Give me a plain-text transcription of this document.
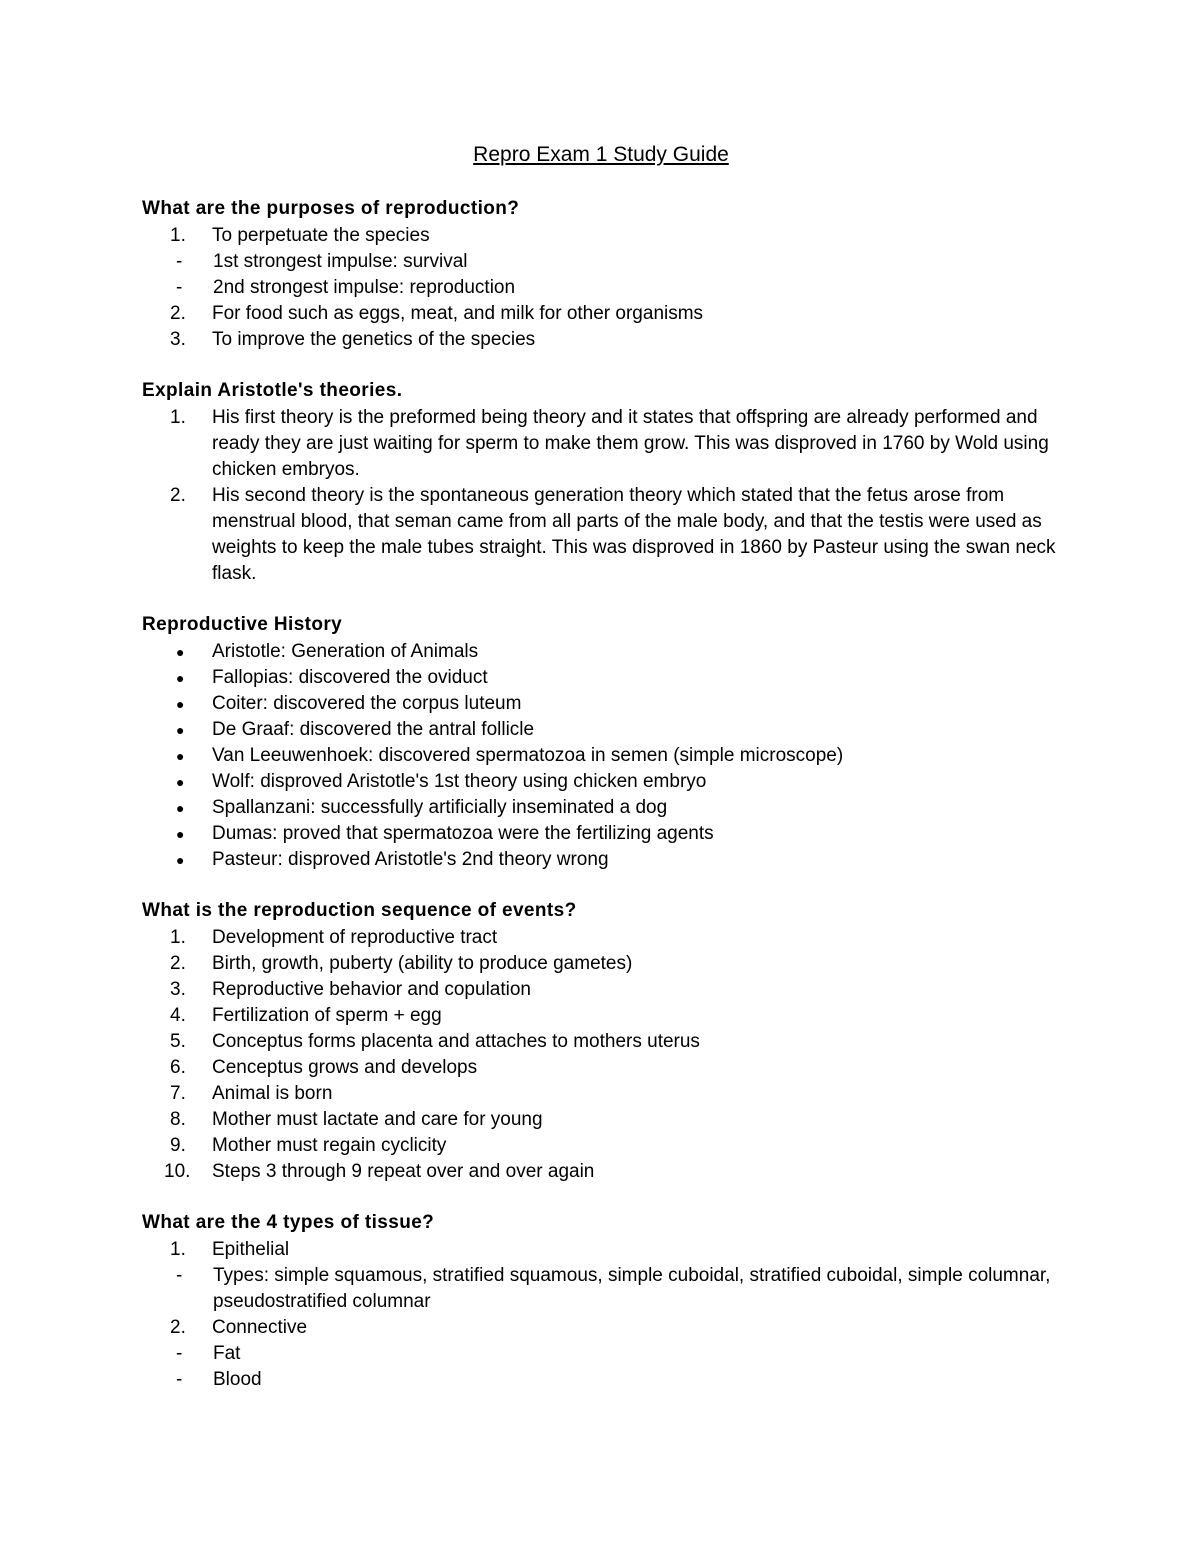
Repro Exam 1 Study Guide
What are the purposes of reproduction?
1.	To perpetuate the species
- 1st strongest impulse: survival
- 2nd strongest impulse: reproduction
2.	For food such as eggs, meat, and milk for other organisms
3.	To improve the genetics of the species
Explain Aristotle's theories.
1.	His first theory is the preformed being theory and it states that offspring are already performed and ready they are just waiting for sperm to make them grow. This was disproved in 1760 by Wold using chicken embryos.
2.	His second theory is the spontaneous generation theory which stated that the fetus arose from menstrual blood, that seman came from all parts of the male body, and that the testis were used as weights to keep the male tubes straight. This was disproved in 1860 by Pasteur using the swan neck flask.
Reproductive History
●	Aristotle: Generation of Animals
●	Fallopias: discovered the oviduct
●	Coiter: discovered the corpus luteum
●	De Graaf: discovered the antral follicle
●	Van Leeuwenhoek: discovered spermatozoa in semen (simple microscope)
●	Wolf: disproved Aristotle's 1st theory using chicken embryo
●	Spallanzani: successfully artificially inseminated a dog
●	Dumas: proved that spermatozoa were the fertilizing agents
●	Pasteur: disproved Aristotle's 2nd theory wrong
What is the reproduction sequence of events?
1.	Development of reproductive tract
2.	Birth, growth, puberty (ability to produce gametes)
3.	Reproductive behavior and copulation
4.	Fertilization of sperm + egg
5.	Conceptus forms placenta and attaches to mothers uterus
6.	Cenceptus grows and develops
7.	Animal is born
8.	Mother must lactate and care for young
9.	Mother must regain cyclicity
10.	Steps 3 through 9 repeat over and over again
What are the 4 types of tissue?
1.	Epithelial
- Types: simple squamous, stratified squamous, simple cuboidal, stratified cuboidal, simple columnar, pseudostratified columnar
2.	Connective
- Fat
- Blood
